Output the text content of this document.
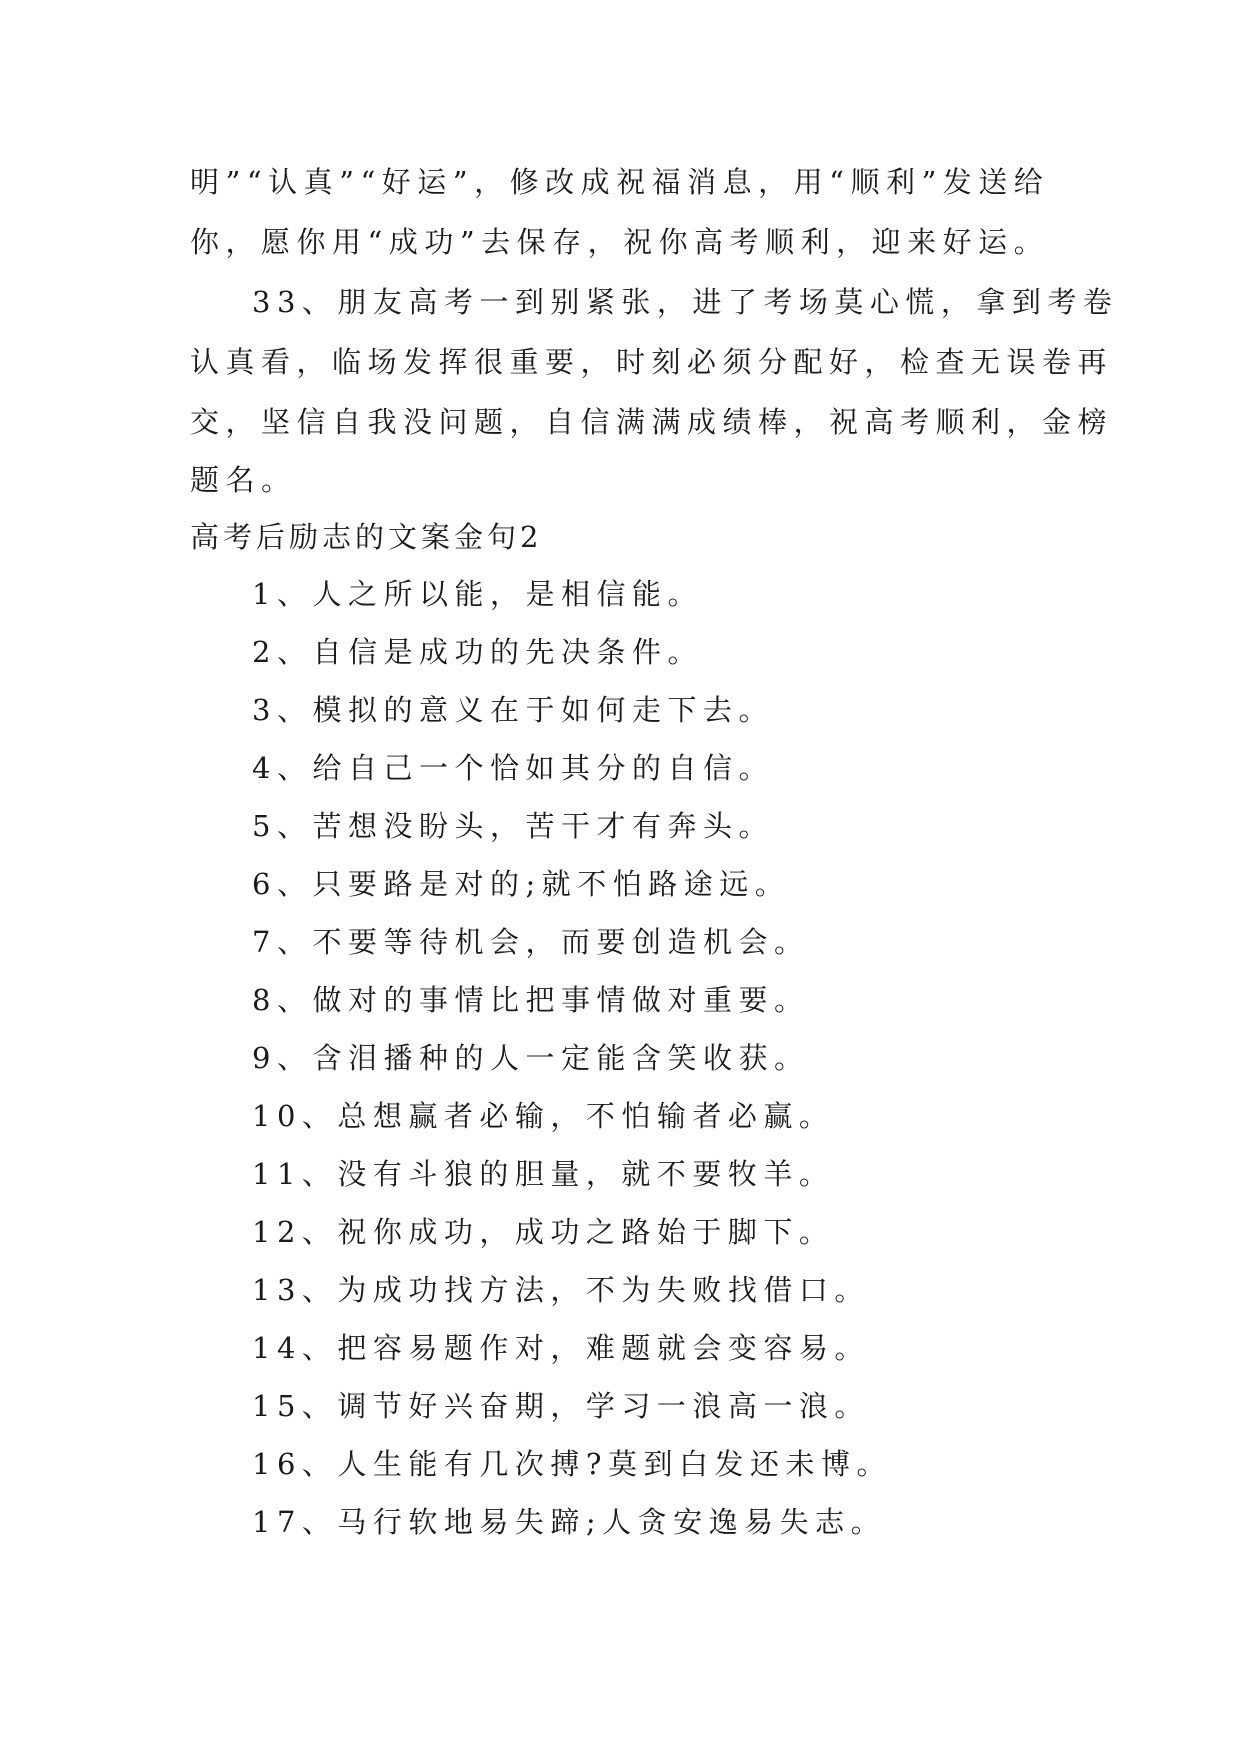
明”“认真”“好运”，修改成祝福消息，用“顺利”发送给
你，愿你用“成功”去保存，祝你高考顺利，迎来好运。
33、朋友高考一到别紧张，进了考场莫心慌，拿到考卷
认真看，临场发挥很重要，时刻必须分配好，检查无误卷再
交，坚信自我没问题，自信满满成绩棒，祝高考顺利，金榜
题名。
高考后励志的文案金句2
1、人之所以能，是相信能。
2、自信是成功的先决条件。
3、模拟的意义在于如何走下去。
4、给自己一个恰如其分的自信。
5、苦想没盼头，苦干才有奔头。
6、只要路是对的;就不怕路途远。
7、不要等待机会，而要创造机会。
8、做对的事情比把事情做对重要。
9、含泪播种的人一定能含笑收获。
10、总想赢者必输，不怕输者必赢。
11、没有斗狼的胆量，就不要牧羊。
12、祝你成功，成功之路始于脚下。
13、为成功找方法，不为失败找借口。
14、把容易题作对，难题就会变容易。
15、调节好兴奋期，学习一浪高一浪。
16、人生能有几次搏?莫到白发还未博。
17、马行软地易失蹄;人贪安逸易失志。
